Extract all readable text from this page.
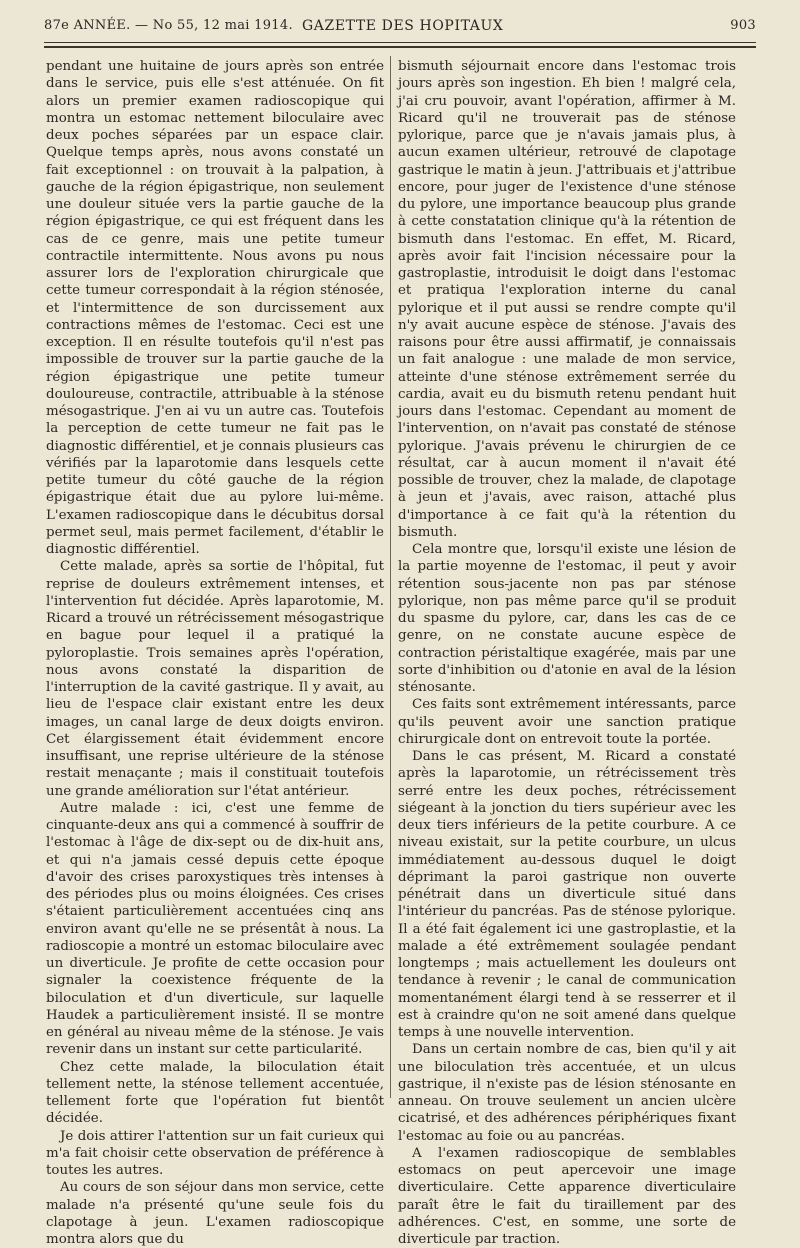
87e ANNÉE. — No 55, 12 mai 1914. GAZETTE DES HOPITAUX	903

pendant une huitaine de jours après son entrée dans le service, puis elle s'est atténuée. On fit alors un premier examen radioscopique qui montra un estomac nettement biloculaire avec deux poches séparées par un espace clair. Quelque temps après, nous avons constaté un fait exceptionnel : on trouvait à la palpation, à gauche de la région épigastrique, non seulement une douleur située vers la partie gauche de la région épigastrique, ce qui est fréquent dans les cas de ce genre, mais une petite tumeur contractile intermittente. Nous avons pu nous assurer lors de l'exploration chirurgicale que cette tumeur correspondait à la région sténosée, et l'intermittence de son durcissement aux contractions mêmes de l'estomac. Ceci est une exception. Il en résulte toutefois qu'il n'est pas impossible de trouver sur la partie gauche de la région épigastrique une petite tumeur douloureuse, contractile, attribuable à la sténose mésogastrique. J'en ai vu un autre cas. Toutefois la perception de cette tumeur ne fait pas le diagnostic différentiel, et je connais plusieurs cas vérifiés par la laparotomie dans lesquels cette petite tumeur du côté gauche de la région épigastrique était due au pylore lui-même. L'examen radioscopique dans le décubitus dorsal permet seul, mais permet facilement, d'établir le diagnostic différentiel.

Cette malade, après sa sortie de l'hôpital, fut reprise de douleurs extrêmement intenses, et l'intervention fut décidée. Après laparotomie, M. Ricard a trouvé un rétrécissement mésogastrique en bague pour lequel il a pratiqué la pyloroplastie. Trois semaines après l'opération, nous avons constaté la disparition de l'interruption de la cavité gastrique. Il y avait, au lieu de l'espace clair existant entre les deux images, un canal large de deux doigts environ. Cet élargissement était évidemment encore insuffisant, une reprise ultérieure de la sténose restait menaçante ; mais il constituait toutefois une grande amélioration sur l'état antérieur.

Autre malade : ici, c'est une femme de cinquante-deux ans qui a commencé à souffrir de l'estomac à l'âge de dix-sept ou de dix-huit ans, et qui n'a jamais cessé depuis cette époque d'avoir des crises paroxystiques très intenses à des périodes plus ou moins éloignées. Ces crises s'étaient particulièrement accentuées cinq ans environ avant qu'elle ne se présentât à nous. La radioscopie a montré un estomac biloculaire avec un diverticule. Je profite de cette occasion pour signaler la coexistence fréquente de la biloculation et d'un diverticule, sur laquelle Haudek a particulièrement insisté. Il se montre en général au niveau même de la sténose. Je vais revenir dans un instant sur cette particularité.

Chez cette malade, la biloculation était tellement nette, la sténose tellement accentuée, tellement forte que l'opération fut bientôt décidée.

Je dois attirer l'attention sur un fait curieux qui m'a fait choisir cette observation de préférence à toutes les autres.

Au cours de son séjour dans mon service, cette malade n'a présenté qu'une seule fois du clapotage à jeun. L'examen radioscopique montra alors que du

bismuth séjournait encore dans l'estomac trois jours après son ingestion. Eh bien ! malgré cela, j'ai cru pouvoir, avant l'opération, affirmer à M. Ricard qu'il ne trouverait pas de sténose pylorique, parce que je n'avais jamais plus, à aucun examen ultérieur, retrouvé de clapotage gastrique le matin à jeun. J'attribuais et j'attribue encore, pour juger de l'existence d'une sténose du pylore, une importance beaucoup plus grande à cette constatation clinique qu'à la rétention de bismuth dans l'estomac. En effet, M. Ricard, après avoir fait l'incision nécessaire pour la gastroplastie, introduisit le doigt dans l'estomac et pratiqua l'exploration interne du canal pylorique et il put aussi se rendre compte qu'il n'y avait aucune espèce de sténose. J'avais des raisons pour être aussi affirmatif, je connaissais un fait analogue : une malade de mon service, atteinte d'une sténose extrêmement serrée du cardia, avait eu du bismuth retenu pendant huit jours dans l'estomac. Cependant au moment de l'intervention, on n'avait pas constaté de sténose pylorique. J'avais prévenu le chirurgien de ce résultat, car à aucun moment il n'avait été possible de trouver, chez la malade, de clapotage à jeun et j'avais, avec raison, attaché plus d'importance à ce fait qu'à la rétention du bismuth.

Cela montre que, lorsqu'il existe une lésion de la partie moyenne de l'estomac, il peut y avoir rétention sous-jacente non pas par sténose pylorique, non pas même parce qu'il se produit du spasme du pylore, car, dans les cas de ce genre, on ne constate aucune espèce de contraction péristaltique exagérée, mais par une sorte d'inhibition ou d'atonie en aval de la lésion sténosante.

Ces faits sont extrêmement intéressants, parce qu'ils peuvent avoir une sanction pratique chirurgicale dont on entrevoit toute la portée.

Dans le cas présent, M. Ricard a constaté après la laparotomie, un rétrécissement très serré entre les deux poches, rétrécissement siégeant à la jonction du tiers supérieur avec les deux tiers inférieurs de la petite courbure. A ce niveau existait, sur la petite courbure, un ulcus immédiatement au-dessous duquel le doigt déprimant la paroi gastrique non ouverte pénétrait dans un diverticule situé dans l'intérieur du pancréas. Pas de sténose pylorique. Il a été fait également ici une gastroplastie, et la malade a été extrêmement soulagée pendant longtemps ; mais actuellement les douleurs ont tendance à revenir ; le canal de communication momentanément élargi tend à se resserrer et il est à craindre qu'on ne soit amené dans quelque temps à une nouvelle intervention.

Dans un certain nombre de cas, bien qu'il y ait une biloculation très accentuée, et un ulcus gastrique, il n'existe pas de lésion sténosante en anneau. On trouve seulement un ancien ulcère cicatrisé, et des adhérences périphériques fixant l'estomac au foie ou au pancréas.

A l'examen radioscopique de semblables estomacs on peut apercevoir une image diverticulaire. Cette apparence diverticulaire paraît être le fait du tiraillement par des adhérences. C'est, en somme, une sorte de diverticule par traction.
